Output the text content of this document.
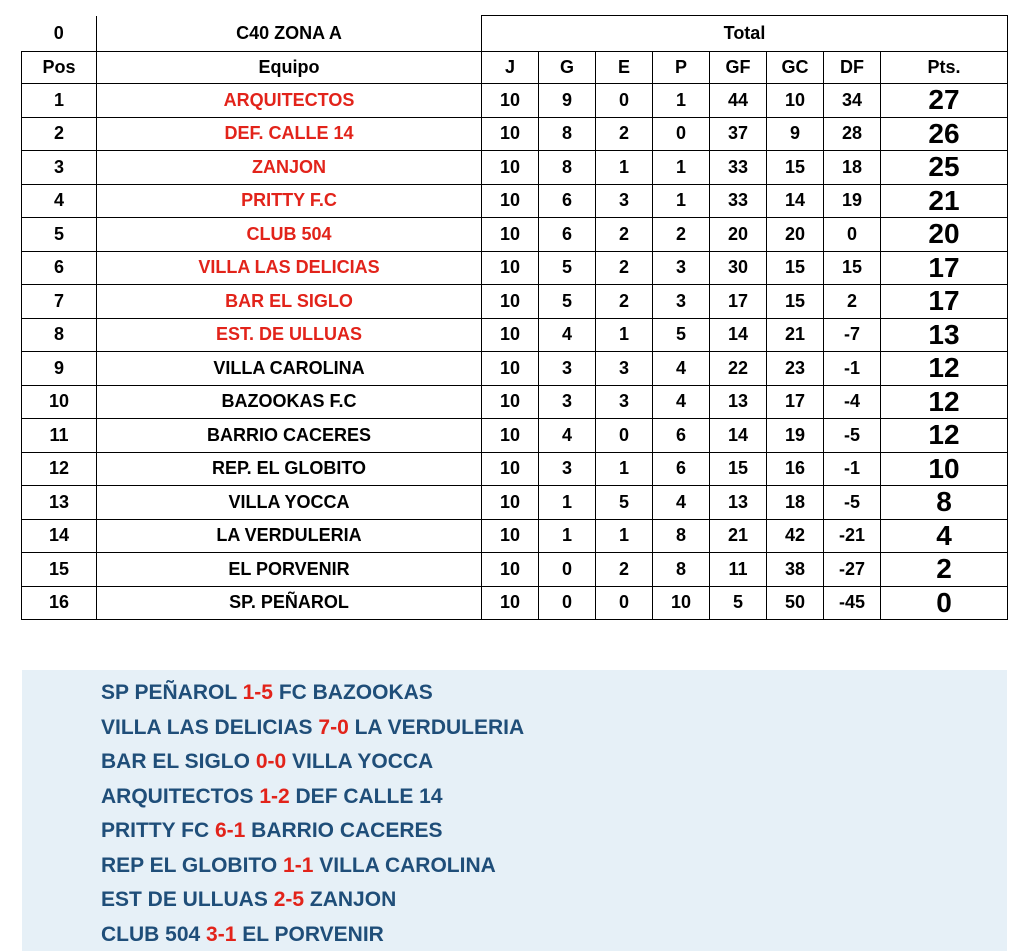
0	C40 ZONA A	Total							
Pos	Equipo	J	G	E	P	GF	GC	DF	Pts.
1	ARQUITECTOS	10	9	0	1	44	10	34	27
2	DEF. CALLE 14	10	8	2	0	37	9	28	26
3	ZANJON	10	8	1	1	33	15	18	25
4	PRITTY F.C	10	6	3	1	33	14	19	21
5	CLUB 504	10	6	2	2	20	20	0	20
6	VILLA LAS DELICIAS	10	5	2	3	30	15	15	17
7	BAR EL SIGLO	10	5	2	3	17	15	2	17
8	EST. DE ULLUAS	10	4	1	5	14	21	-7	13
9	VILLA CAROLINA	10	3	3	4	22	23	-1	12
10	BAZOOKAS F.C	10	3	3	4	13	17	-4	12
11	BARRIO CACERES	10	4	0	6	14	19	-5	12
12	REP. EL GLOBITO	10	3	1	6	15	16	-1	10
13	VILLA YOCCA	10	1	5	4	13	18	-5	8
14	LA VERDULERIA	10	1	1	8	21	42	-21	4
15	EL PORVENIR	10	0	2	8	11	38	-27	2
16	SP. PEÑAROL	10	0	0	10	5	50	-45	0
SP PEÑAROL 1-5 FC BAZOOKAS
VILLA LAS DELICIAS 7-0 LA VERDULERIA
BAR EL SIGLO 0-0 VILLA YOCCA
ARQUITECTOS 1-2 DEF CALLE 14
PRITTY FC 6-1 BARRIO CACERES
REP EL GLOBITO 1-1 VILLA CAROLINA
EST DE ULLUAS 2-5 ZANJON
CLUB 504 3-1 EL PORVENIR
